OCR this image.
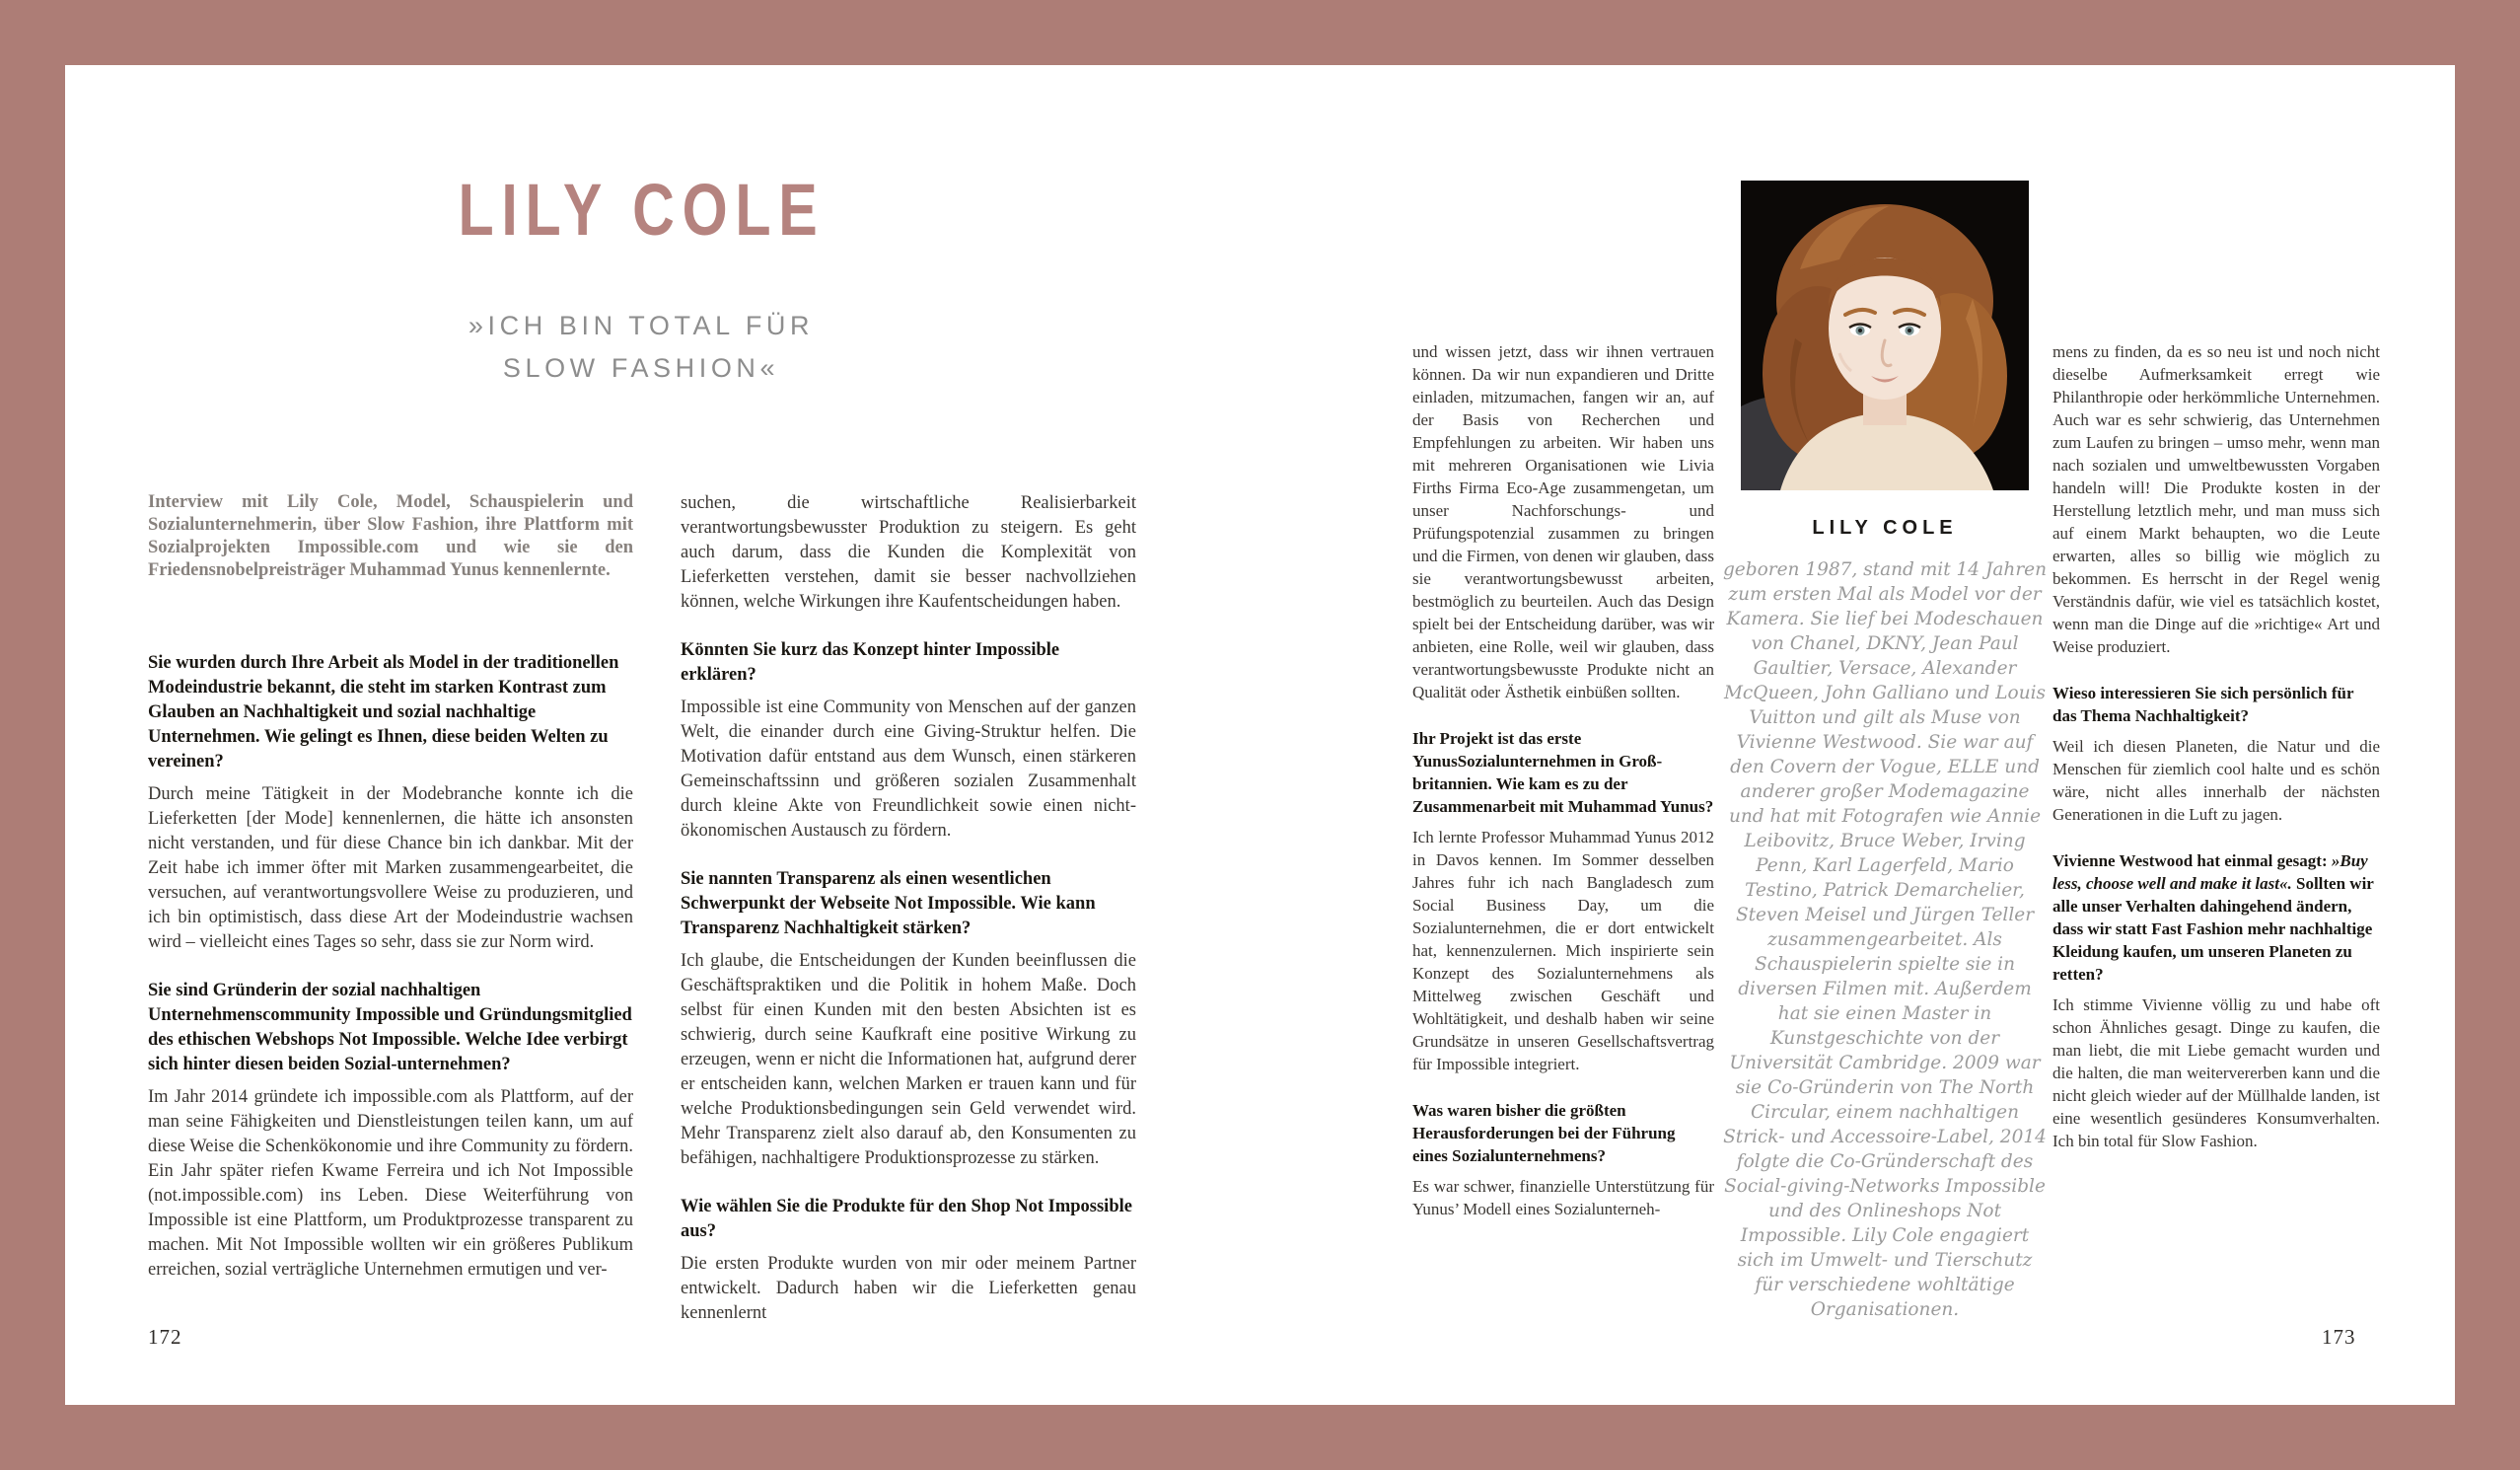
LILY COLE
»ICH BIN TOTAL FÜR
SLOW FASHION«

Interview mit Lily Cole, Model, Schauspielerin und Sozialunternehmerin, über Slow Fashion, ihre Plattform mit Sozialprojekten Impossible.com und wie sie den Friedensnobelpreisträger Muhammad Yunus kennenlernte.

Sie wurden durch Ihre Arbeit als Model in der traditionellen Modeindustrie bekannt, die steht im starken Kontrast zum Glauben an Nachhaltigkeit und sozial nachhaltige Unternehmen. Wie gelingt es Ihnen, diese beiden Welten zu vereinen?

Durch meine Tätigkeit in der Modebranche konnte ich die Lieferketten [der Mode] kennenlernen, die hätte ich ansonsten nicht verstanden, und für diese Chance bin ich dankbar. Mit der Zeit habe ich immer öfter mit Marken zusammengearbeitet, die versuchen, auf verantwortungsvollere Weise zu produzieren, und ich bin optimistisch, dass diese Art der Modeindustrie wachsen wird – vielleicht eines Tages so sehr, dass sie zur Norm wird.

Sie sind Gründerin der sozial nachhaltigen Unternehmenscommunity Impossible und Gründungsmitglied des ethischen Webshops Not Impossible. Welche Idee verbirgt sich hinter diesen beiden Sozial-unternehmen?

Im Jahr 2014 gründete ich impossible.com als Plattform, auf der man seine Fähigkeiten und Dienstleistungen teilen kann, um auf diese Weise die Schenkökonomie und ihre Community zu fördern. Ein Jahr später riefen Kwame Ferreira und ich Not Impossible (not.impossible.com) ins Leben. Diese Weiterführung von Impossible ist eine Plattform, um Produktprozesse transparent zu machen. Mit Not Impossible wollten wir ein größeres Publikum erreichen, sozial verträgliche Unternehmen ermutigen und ver-

suchen, die wirtschaftliche Realisierbarkeit verantwortungsbewusster Produktion zu steigern. Es geht auch darum, dass die Kunden die Komplexität von Lieferketten verstehen, damit sie besser nachvollziehen können, welche Wirkungen ihre Kaufentscheidungen haben.

Könnten Sie kurz das Konzept hinter Impossible erklären?

Impossible ist eine Community von Menschen auf der ganzen Welt, die einander durch eine Giving-Struktur helfen. Die Motivation dafür entstand aus dem Wunsch, einen stärkeren Gemeinschaftssinn und größeren sozialen Zusammenhalt durch kleine Akte von Freundlichkeit sowie einen nicht-ökonomischen Austausch zu fördern.

Sie nannten Transparenz als einen wesentlichen Schwerpunkt der Webseite Not Impossible. Wie kann Transparenz Nachhaltigkeit stärken?

Ich glaube, die Entscheidungen der Kunden beeinflussen die Geschäftspraktiken und die Politik in hohem Maße. Doch selbst für einen Kunden mit den besten Absichten ist es schwierig, durch seine Kaufkraft eine positive Wirkung zu erzeugen, wenn er nicht die Informationen hat, aufgrund derer er entscheiden kann, welchen Marken er trauen kann und für welche Produktionsbedingungen sein Geld verwendet wird. Mehr Transparenz zielt also darauf ab, den Konsumenten zu befähigen, nachhaltigere Produktionsprozesse zu stärken.

Wie wählen Sie die Produkte für den Shop Not Impossible aus?

Die ersten Produkte wurden von mir oder meinem Partner entwickelt. Dadurch haben wir die Lieferketten genau kennenlernt

172

und wissen jetzt, dass wir ihnen vertrauen können. Da wir nun expandieren und Dritte einladen, mitzumachen, fangen wir an, auf der Basis von Recherchen und Empfehlungen zu arbeiten. Wir haben uns mit mehreren Organisationen wie Livia Firths Firma Eco-Age zusammengetan, um unser Nachforschungs- und Prüfungspotenzial zusammen zu bringen und die Firmen, von denen wir glauben, dass sie verantwortungsbewusst arbeiten, bestmöglich zu beurteilen. Auch das Design spielt bei der Entscheidung darüber, was wir anbieten, eine Rolle, weil wir glauben, dass verantwortungsbewusste Produkte nicht an Qualität oder Ästhetik einbüßen sollten.

Ihr Projekt ist das erste YunusSozialunternehmen in Groß-britannien. Wie kam es zu der Zusammenarbeit mit Muhammad Yunus?

Ich lernte Professor Muhammad Yunus 2012 in Davos kennen. Im Sommer desselben Jahres fuhr ich nach Bangladesch zum Social Business Day, um die Sozialunternehmen, die er dort entwickelt hat, kennenzulernen. Mich inspirierte sein Konzept des Sozialunternehmens als Mittelweg zwischen Geschäft und Wohltätigkeit, und deshalb haben wir seine Grundsätze in unseren Gesellschaftsvertrag für Impossible integriert.

Was waren bisher die größten Herausforderungen bei der Führung eines Sozialunternehmens?

Es war schwer, finanzielle Unterstützung für Yunus’ Modell eines Sozialunterneh-

LILY COLE
geboren 1987, stand mit 14 Jahren zum ersten Mal als Model vor der Kamera. Sie lief bei Modeschauen von Chanel, DKNY, Jean Paul Gaultier, Versace, Alexander McQueen, John Galliano und Louis Vuitton und gilt als Muse von Vivienne Westwood. Sie war auf den Covern der Vogue, ELLE und anderer großer Modemagazine und hat mit Fotografen wie Annie Leibovitz, Bruce Weber, Irving Penn, Karl Lagerfeld, Mario Testino, Patrick Demarchelier, Steven Meisel und Jürgen Teller zusammengearbeitet. Als Schauspielerin spielte sie in diversen Filmen mit. Außerdem hat sie einen Master in Kunstgeschichte von der Universität Cambridge. 2009 war sie Co-Gründerin von The North Circular, einem nachhaltigen Strick- und Accessoire-Label, 2014 folgte die Co-Gründerschaft des Social-giving-Networks Impossible und des Onlineshops Not Impossible. Lily Cole engagiert sich im Umwelt- und Tierschutz für verschiedene wohltätige Organisationen.

mens zu finden, da es so neu ist und noch nicht dieselbe Aufmerksamkeit erregt wie Philanthropie oder herkömmliche Unternehmen. Auch war es sehr schwierig, das Unternehmen zum Laufen zu bringen – umso mehr, wenn man nach sozialen und umweltbewussten Vorgaben handeln will! Die Produkte kosten in der Herstellung letztlich mehr, und man muss sich auf einem Markt behaupten, wo die Leute erwarten, alles so billig wie möglich zu bekommen. Es herrscht in der Regel wenig Verständnis dafür, wie viel es tatsächlich kostet, wenn man die Dinge auf die »richtige« Art und Weise produziert.

Wieso interessieren Sie sich persönlich für das Thema Nachhaltigkeit?

Weil ich diesen Planeten, die Natur und die Menschen für ziemlich cool halte und es schön wäre, nicht alles innerhalb der nächsten Generationen in die Luft zu jagen.

Vivienne Westwood hat einmal gesagt: »Buy less, choose well and make it last«. Sollten wir alle unser Verhalten dahingehend ändern, dass wir statt Fast Fashion mehr nachhaltige Kleidung kaufen, um unseren Planeten zu retten?

Ich stimme Vivienne völlig zu und habe oft schon Ähnliches gesagt. Dinge zu kaufen, die man liebt, die mit Liebe gemacht wurden und die halten, die man weitervererben kann und die nicht gleich wieder auf der Müllhalde landen, ist eine wesentlich gesünderes Konsumverhalten. Ich bin total für Slow Fashion.

173
